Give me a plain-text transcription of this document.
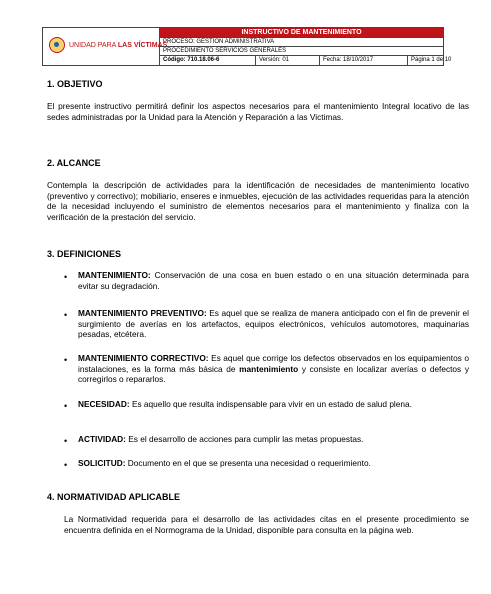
UNIDAD PARA LAS VÍCTIMAS
INSTRUCTIVO DE MANTENIMIENTO
PROCESO: GESTION ADMINISTRATIVA
PROCEDIMIENTO SERVICIOS GENERALES
Código: 710.18.06-6	Versión: 01	Fecha: 18/10/2017	Página 1 de 10
1. OBJETIVO
El presente instructivo permitirá definir los aspectos necesarios para el mantenimiento Integral locativo de las sedes administradas por la Unidad para la Atención y Reparación a las Victimas.
2. ALCANCE
Contempla la descripción de actividades para la identificación de necesidades de mantenimiento locativo (preventivo y correctivo); mobiliario, enseres e inmuebles, ejecución de las actividades requeridas para la atención de la necesidad incluyendo el suministro de elementos necesarios para el mantenimiento y finaliza con la verificación de la prestación del servicio.
3. DEFINICIONES
•
MANTENIMIENTO: Conservación de una cosa en buen estado o en una situación determinada para evitar su degradación.
•
MANTENIMIENTO PREVENTIVO: Es aquel que se realiza de manera anticipado con el fin de prevenir el surgimiento de averías en los artefactos, equipos electrónicos, vehículos automotores, maquinarias pesadas, etcétera.
•
MANTENIMIENTO CORRECTIVO: Es aquel que corrige los defectos observados en los equipamientos o instalaciones, es la forma más básica de mantenimiento y consiste en localizar averías o defectos y corregirlos o repararlos.
•
NECESIDAD: Es aquello que resulta indispensable para vivir en un estado de salud plena.
•
ACTIVIDAD: Es el desarrollo de acciones para cumplir las metas propuestas.
•
SOLICITUD: Documento en el que se presenta una necesidad o requerimiento.
4. NORMATIVIDAD APLICABLE
La Normatividad requerida para el desarrollo de las actividades citas en el presente procedimiento se encuentra definida en el Normograma de la Unidad, disponible para consulta en la página web.
